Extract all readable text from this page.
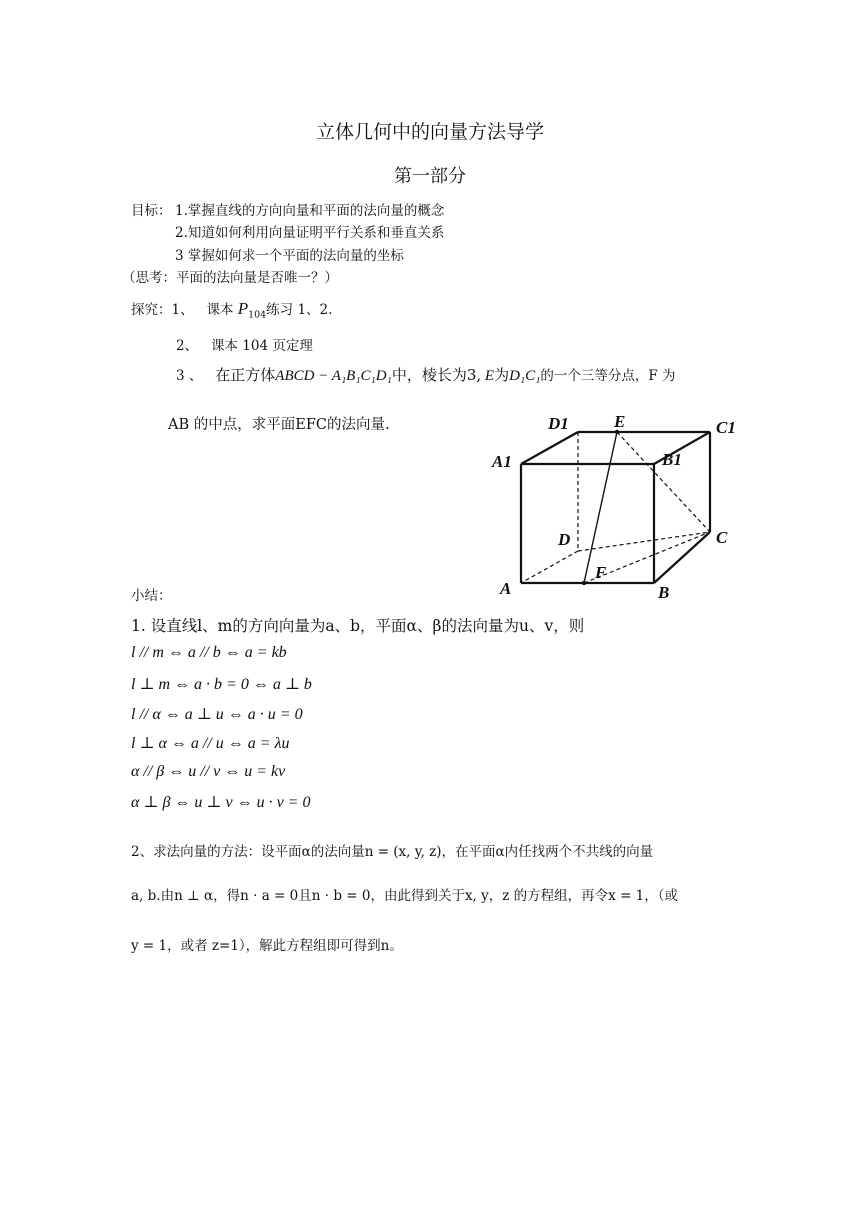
立体几何中的向量方法导学
第一部分
目标： 1.掌握直线的方向向量和平面的法向量的概念
2.知道如何利用向量证明平行关系和垂直关系
3 掌握如何求一个平面的法向量的坐标
（思考：平面的法向量是否唯一？）
探究：1、 课本 $P_{104}$练习 1、2.
2、 课本 104 页定理
3 、 在正方体ABCD − A₁B₁C₁D₁中，棱长为3, E为D₁C₁的一个三等分点，F 为
AB 的中点，求平面EFC的法向量.	D1	E	C1
A1	B1
D	C
A
F
B
小结：
1. 设直线l、m的方向向量为a、b，平面α、β的法向量为u、v，则
l // m ⇔ a // b ⇔ a = kb
l ⊥ m ⇔ a · b = 0 ⇔ a ⊥ b
l // α ⇔ a ⊥ u ⇔ a · u = 0
l ⊥ α ⇔ a // u ⇔ a = λu
α // β ⇔ u // v ⇔ u = kv
α ⊥ β ⇔ u ⊥ v ⇔ u · v = 0
2、求法向量的方法：设平面α的法向量n = (x, y, z)，在平面α内任找两个不共线的向量
a, b.由n ⊥ α，得n · a = 0且n · b = 0，由此得到关于x, y，z 的方程组，再令x = 1，（或
y = 1，或者 z=1），解此方程组即可得到n。
